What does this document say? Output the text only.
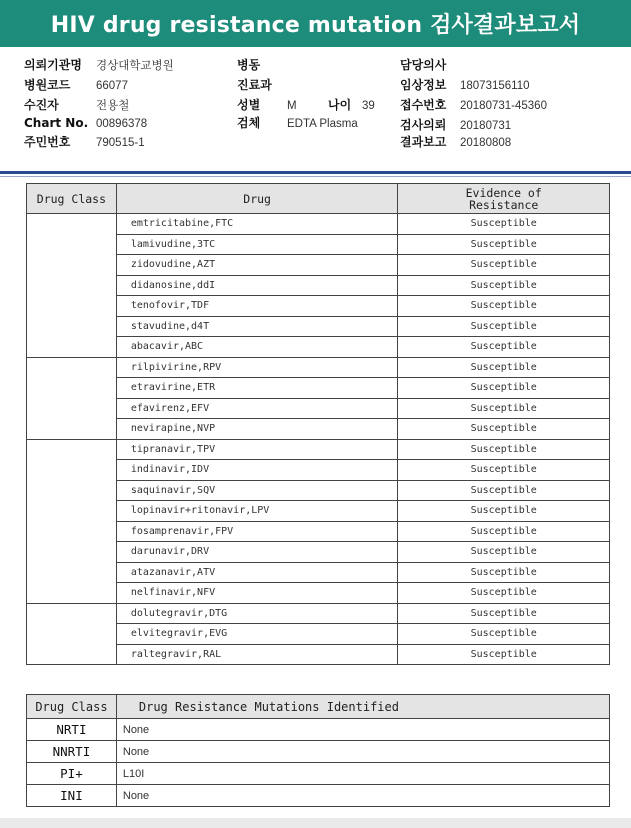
HIV drug resistance mutation 검사결과보고서
의뢰기관명	경상대학교병원
병원코드	66077
수진자	전용철
Chart No. 00896378
주민번호	790515-1
병동
진료과
성별	M	나이 39
검체	EDTA Plasma
담당의사
임상정보	18073156110
접수번호	20180731-45360
검사의뢰	20180731
결과보고	20180808
Drug Class	Drug	Evidence of
Resistance

	emtricitabine,FTC	Susceptible
	lamivudine,3TC	Susceptible
	zidovudine,AZT	Susceptible
	didanosine,ddI	Susceptible
	tenofovir,TDF	Susceptible
	stavudine,d4T	Susceptible
	abacavir,ABC	Susceptible
	rilpivirine,RPV	Susceptible
	etravirine,ETR	Susceptible
	efavirenz,EFV	Susceptible
	nevirapine,NVP	Susceptible
	tipranavir,TPV	Susceptible
	indinavir,IDV	Susceptible
	saquinavir,SQV	Susceptible
	lopinavir+ritonavir,LPV	Susceptible
	fosamprenavir,FPV	Susceptible
	darunavir,DRV	Susceptible
	atazanavir,ATV	Susceptible
	nelfinavir,NFV	Susceptible
	dolutegravir,DTG	Susceptible
	elvitegravir,EVG	Susceptible
	raltegravir,RAL	Susceptible
Drug Class	Drug Resistance Mutations Identified
NRTI	None
NNRTI	None
PI+	L10I
INI	None
